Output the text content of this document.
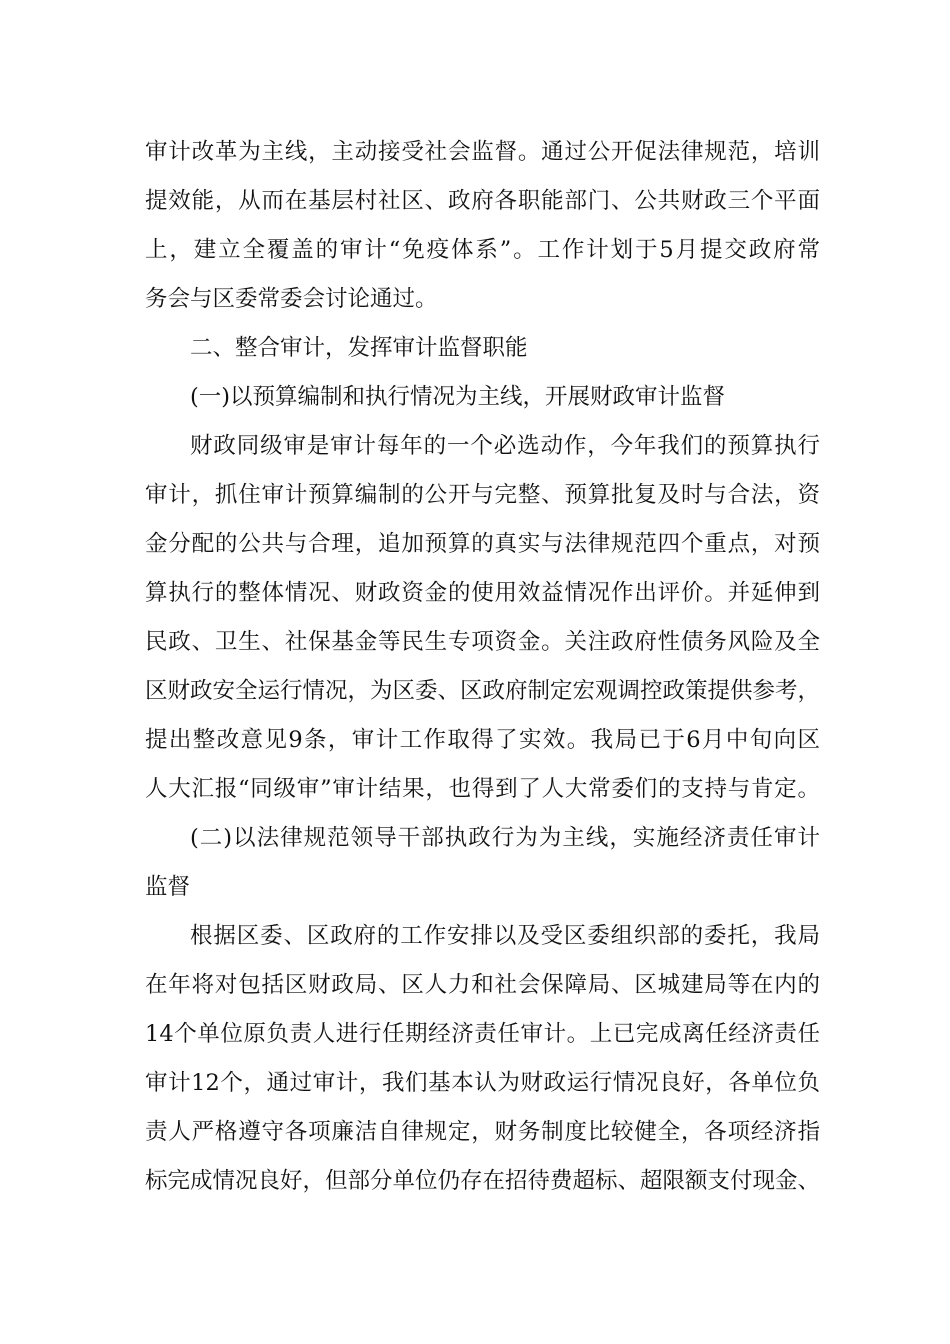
审计改革为主线，主动接受社会监督。通过公开促法律规范，培训
提效能，从而在基层村社区、政府各职能部门、公共财政三个平面
上，建立全覆盖的审计“免疫体系”。工作计划于5月提交政府常
务会与区委常委会讨论通过。
二、整合审计，发挥审计监督职能
(一)以预算编制和执行情况为主线，开展财政审计监督
财政同级审是审计每年的一个必选动作，今年我们的预算执行
审计，抓住审计预算编制的公开与完整、预算批复及时与合法，资
金分配的公共与合理，追加预算的真实与法律规范四个重点，对预
算执行的整体情况、财政资金的使用效益情况作出评价。并延伸到
民政、卫生、社保基金等民生专项资金。关注政府性债务风险及全
区财政安全运行情况，为区委、区政府制定宏观调控政策提供参考，
提出整改意见9条，审计工作取得了实效。我局已于6月中旬向区
人大汇报“同级审”审计结果，也得到了人大常委们的支持与肯定。
(二)以法律规范领导干部执政行为为主线，实施经济责任审计
监督
根据区委、区政府的工作安排以及受区委组织部的委托，我局
在年将对包括区财政局、区人力和社会保障局、区城建局等在内的
14个单位原负责人进行任期经济责任审计。上已完成离任经济责任
审计12个，通过审计，我们基本认为财政运行情况良好，各单位负
责人严格遵守各项廉洁自律规定，财务制度比较健全，各项经济指
标完成情况良好，但部分单位仍存在招待费超标、超限额支付现金、
